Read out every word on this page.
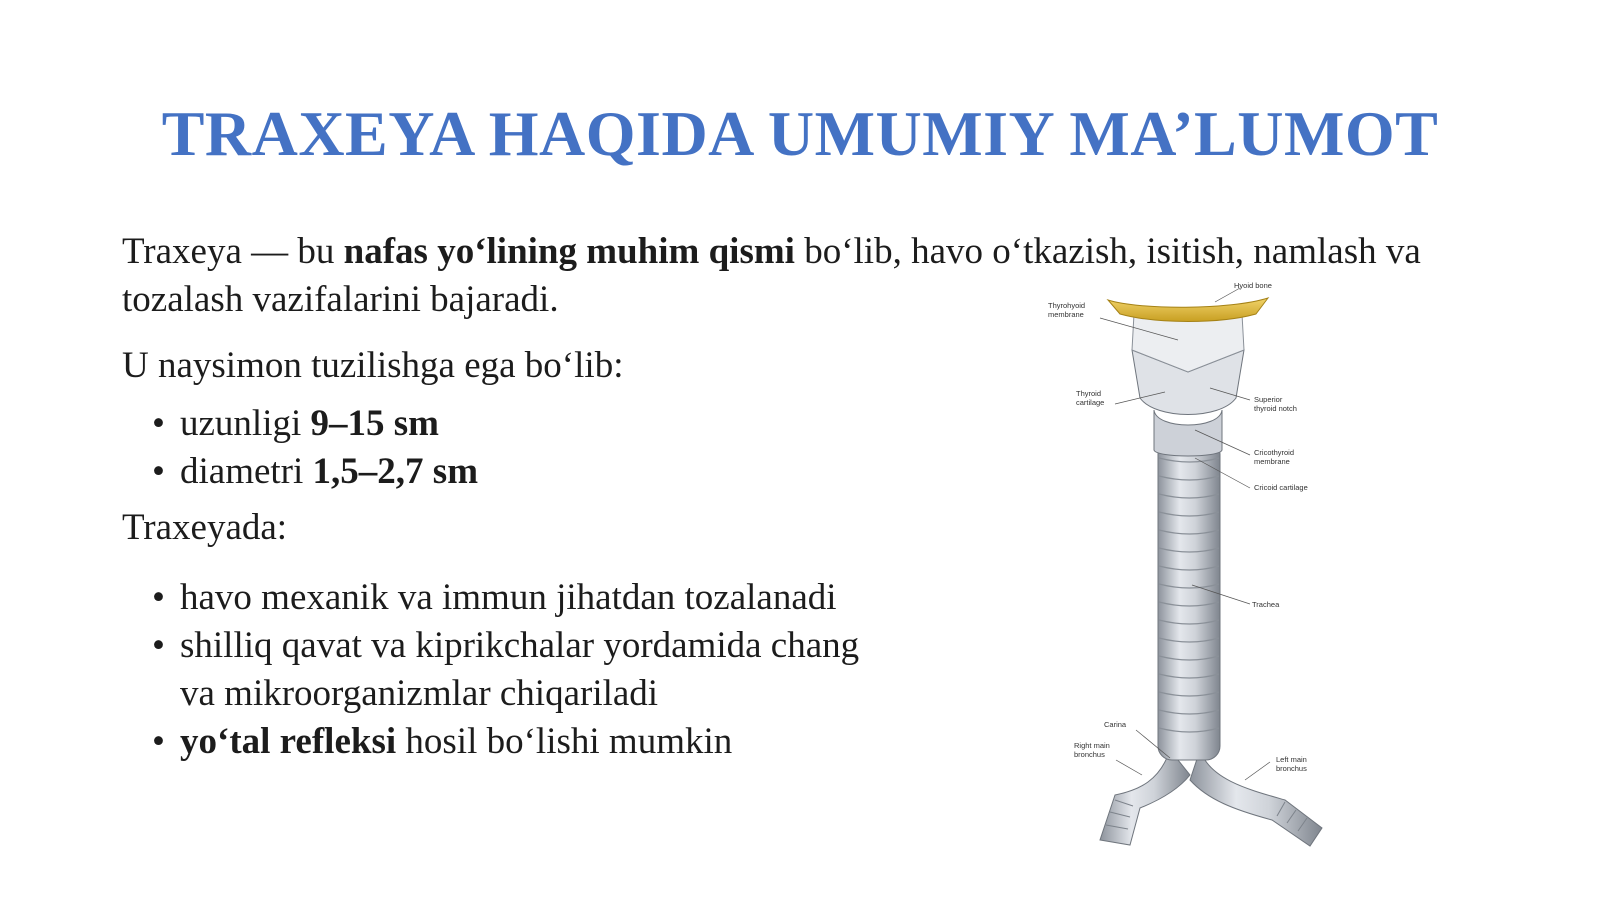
TRAXEYA HAQIDA UMUMIY MA’LUMOT

Traxeya — bu nafas yo‘lining muhim qismi bo‘lib, havo o‘tkazish, isitish, namlash va tozalash vazifalarini bajaradi.

U naysimon tuzilishga ega bo‘lib:

• uzunligi 9–15 sm
• diametri 1,5–2,7 sm

Traxeyada:

• havo mexanik va immun jihatdan tozalanadi
• shilliq qavat va kiprikchalar yordamida chang va mikroorganizmlar chiqariladi
• yo‘tal refleksi hosil bo‘lishi mumkin
Hyoid bone
Thyrohyoid
membrane
Thyroid
cartilage	Superior
thyroid notch
Cricothyroid
membrane
Cricoid cartilage
Trachea
Carina
Right main
bronchus
Left main
bronchus
